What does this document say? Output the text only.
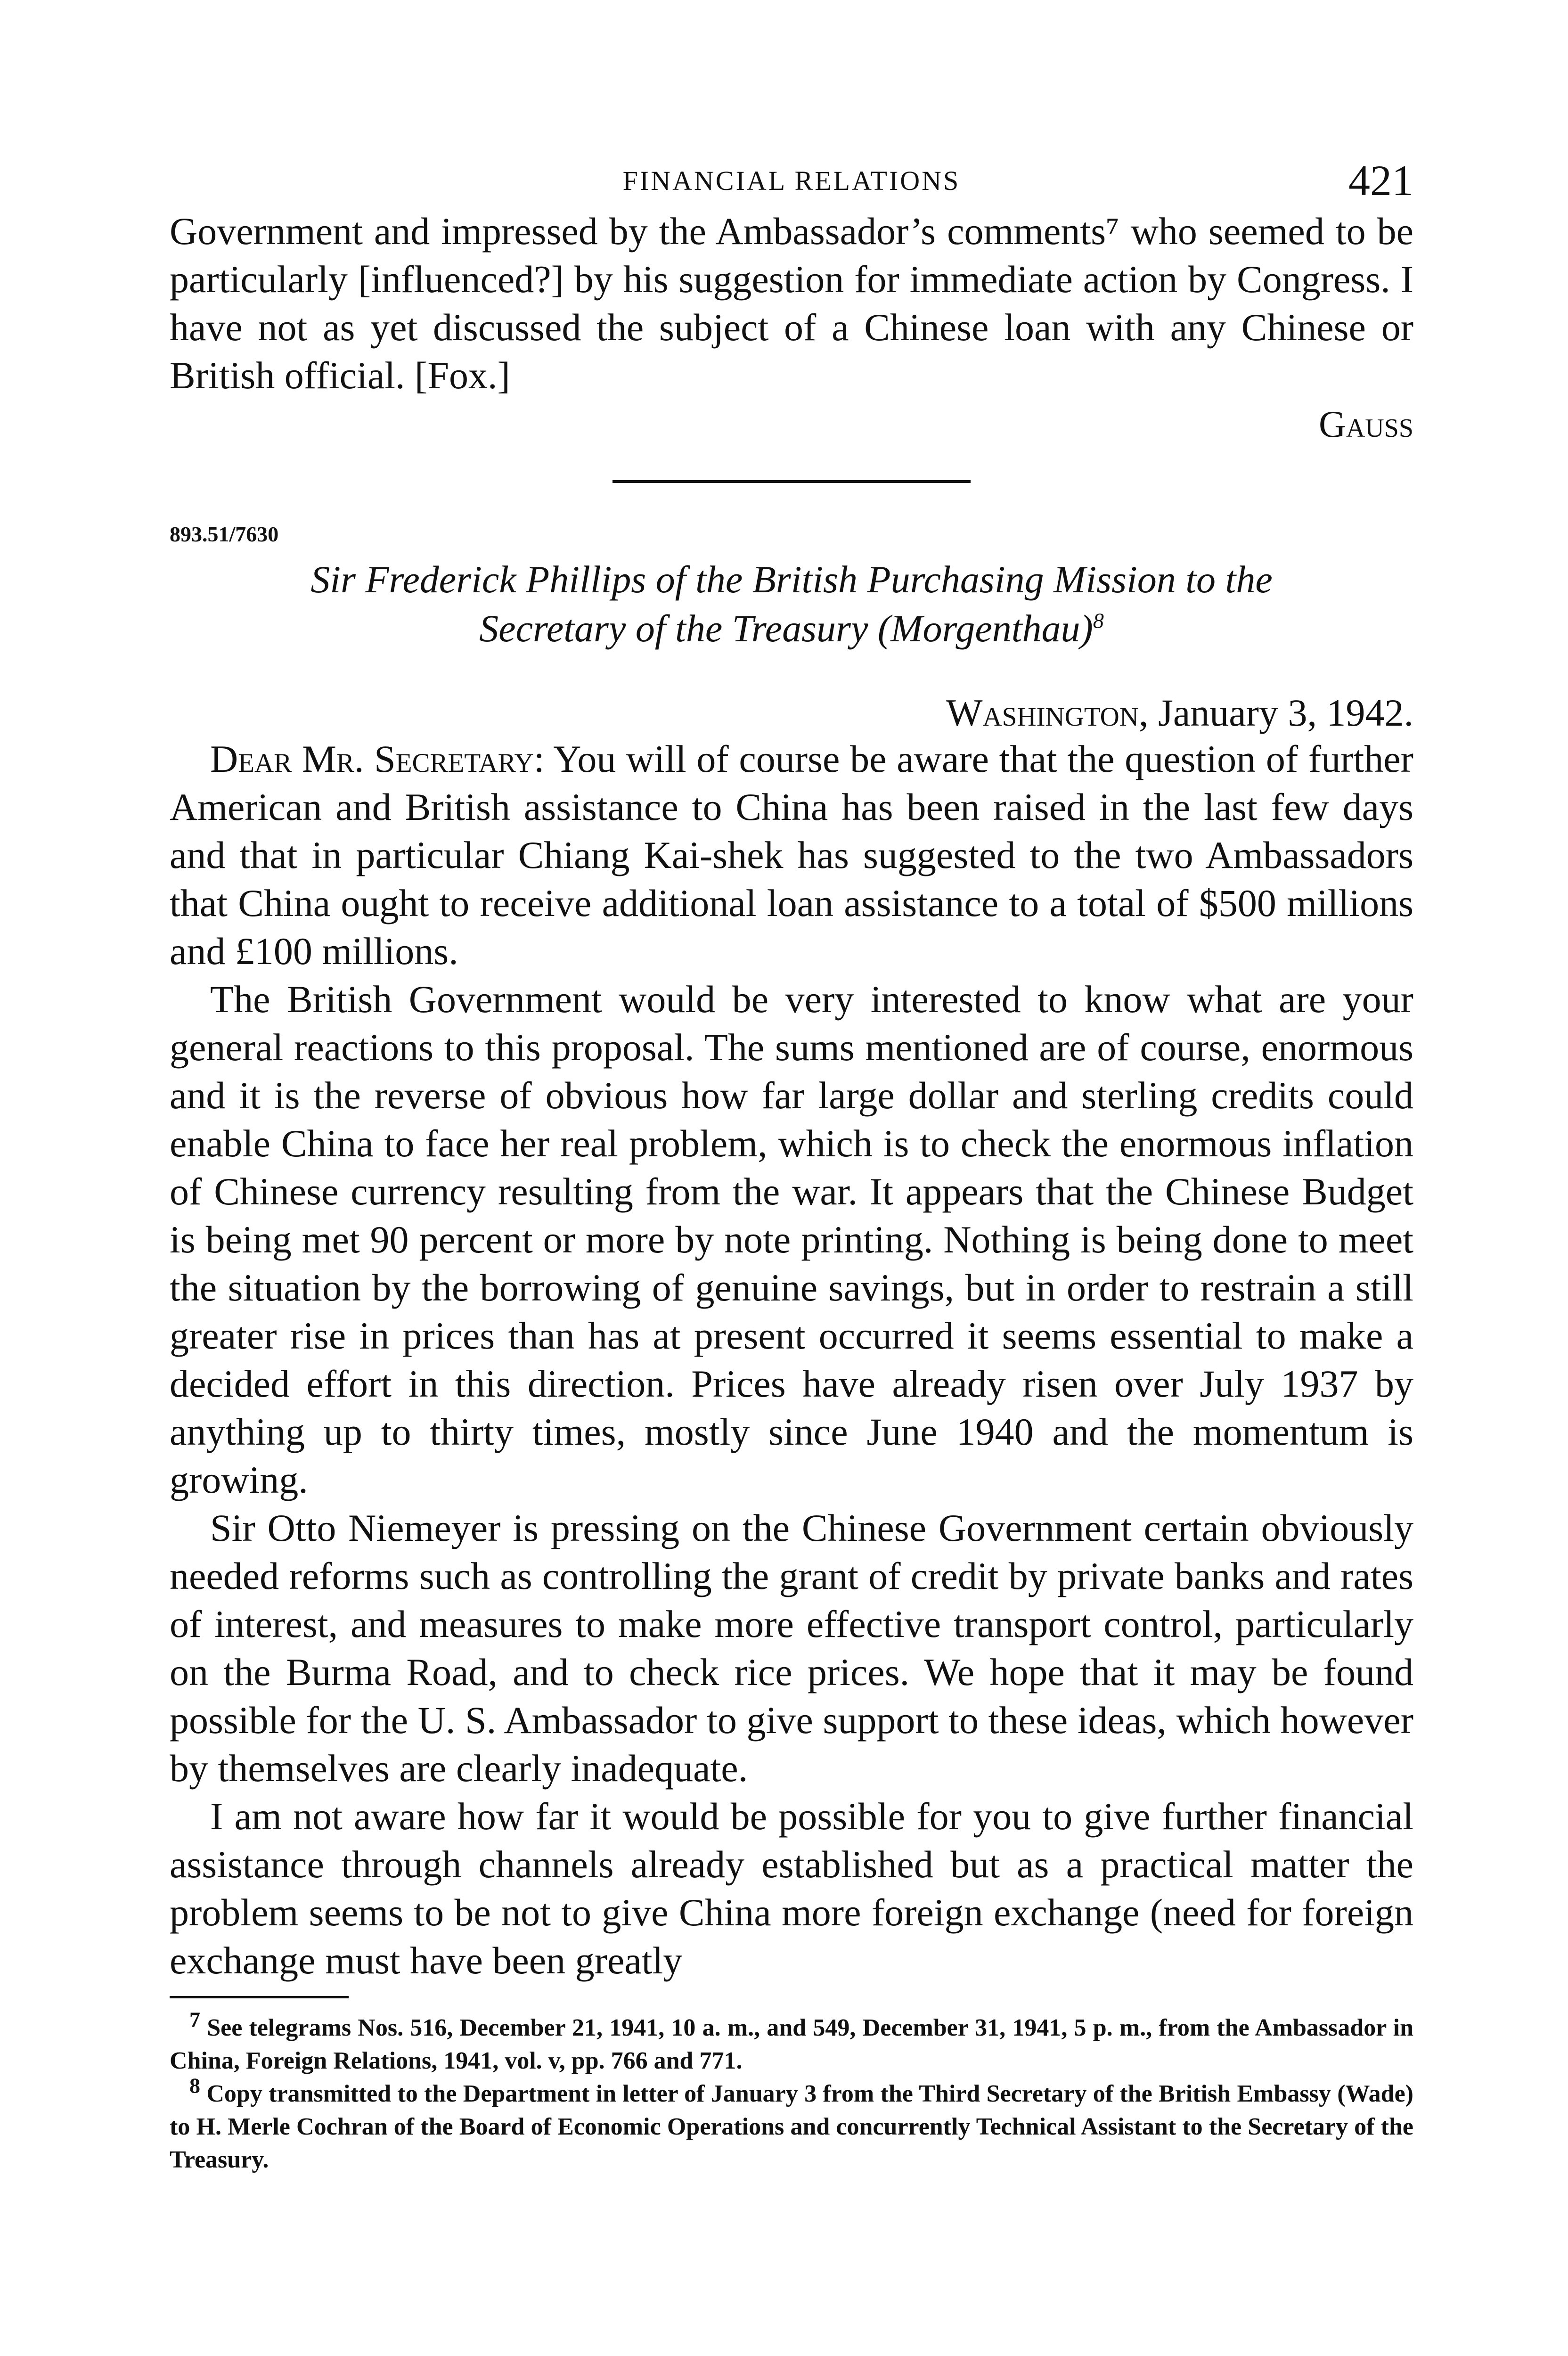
FINANCIAL RELATIONS	421

Government and impressed by the Ambassador’s comments⁷ who seemed to be particularly [influenced?] by his suggestion for immediate action by Congress. I have not as yet discussed the subject of a Chinese loan with any Chinese or British official. [Fox.]

Gauss
893.51/7630
Sir Frederick Phillips of the British Purchasing Mission to the
Secretary of the Treasury (Morgenthau)$^8$
Washington, January 3, 1942.

Dear Mr. Secretary: You will of course be aware that the question of further American and British assistance to China has been raised in the last few days and that in particular Chiang Kai-shek has suggested to the two Ambassadors that China ought to receive additional loan assistance to a total of $500 millions and £100 millions.

The British Government would be very interested to know what are your general reactions to this proposal. The sums mentioned are of course, enormous and it is the reverse of obvious how far large dollar and sterling credits could enable China to face her real problem, which is to check the enormous inflation of Chinese currency resulting from the war. It appears that the Chinese Budget is being met 90 percent or more by note printing. Nothing is being done to meet the situation by the borrowing of genuine savings, but in order to restrain a still greater rise in prices than has at present occurred it seems essential to make a decided effort in this direction. Prices have already risen over July 1937 by anything up to thirty times, mostly since June 1940 and the momentum is growing.

Sir Otto Niemeyer is pressing on the Chinese Government certain obviously needed reforms such as controlling the grant of credit by private banks and rates of interest, and measures to make more effective transport control, particularly on the Burma Road, and to check rice prices. We hope that it may be found possible for the U. S. Ambassador to give support to these ideas, which however by themselves are clearly inadequate.

I am not aware how far it would be possible for you to give further financial assistance through channels already established but as a practical matter the problem seems to be not to give China more foreign exchange (need for foreign exchange must have been greatly

7 See telegrams Nos. 516, December 21, 1941, 10 a. m., and 549, December 31, 1941, 5 p. m., from the Ambassador in China, Foreign Relations, 1941, vol. v, pp. 766 and 771.

8 Copy transmitted to the Department in letter of January 3 from the Third Secretary of the British Embassy (Wade) to H. Merle Cochran of the Board of Economic Operations and concurrently Technical Assistant to the Secretary of the Treasury.
